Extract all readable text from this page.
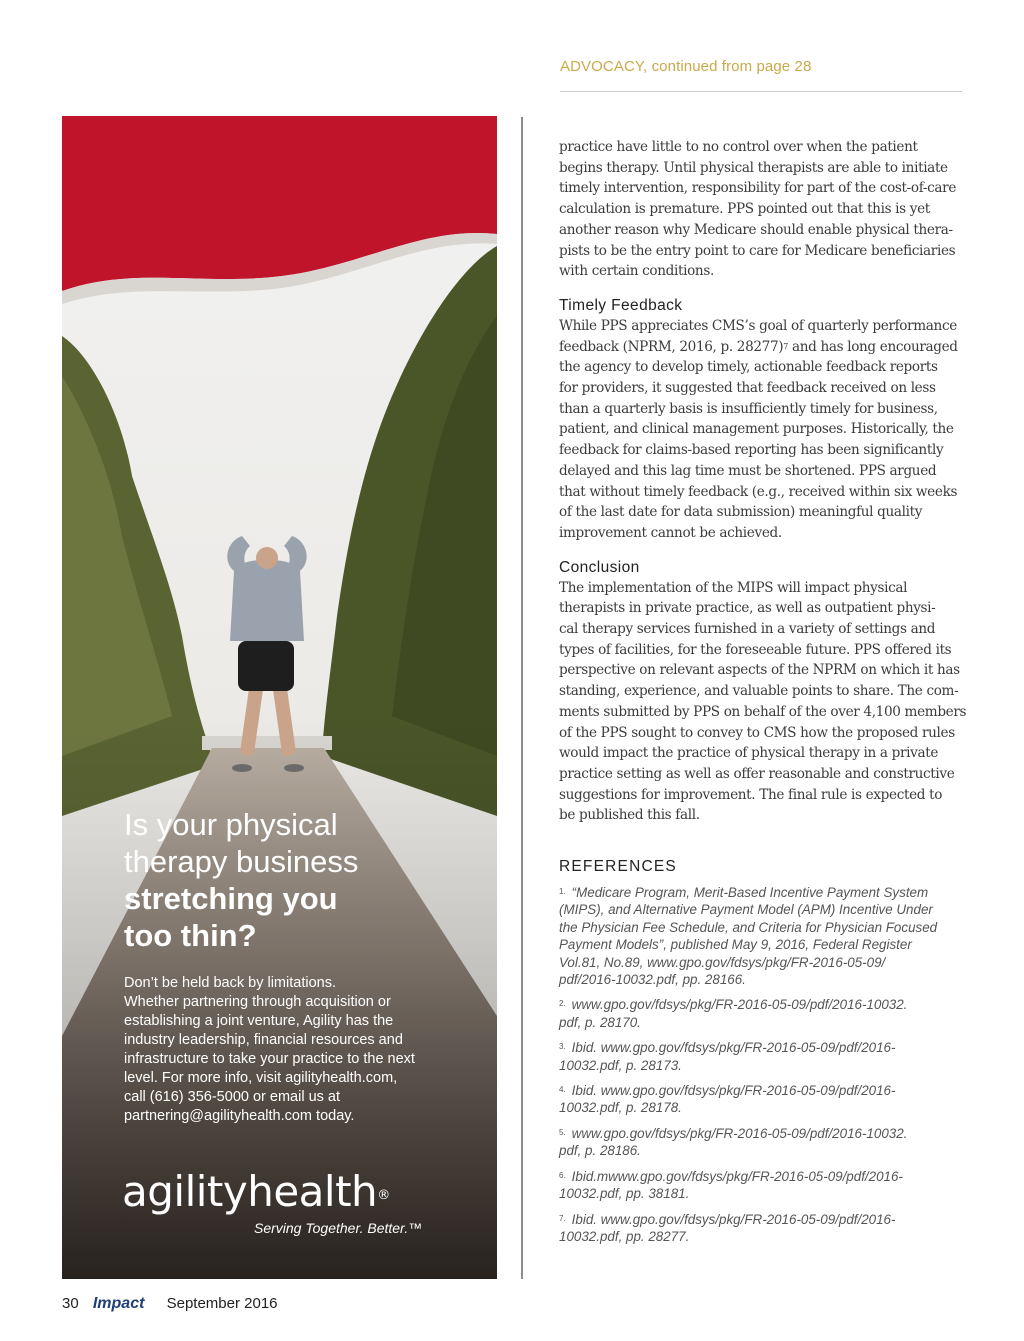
ADVOCACY, continued from page 28
Is your physical
therapy business
stretching you
too thin?
Don’t be held back by limitations.
Whether partnering through acquisition or
establishing a joint venture, Agility has the
industry leadership, financial resources and
infrastructure to take your practice to the next
level. For more info, visit agilityhealth.com,
call (616) 356-5000 or email us at
partnering@agilityhealth.com today.
agilityhealth®
Serving Together. Better.™

practice have little to no control over when the patient
begins therapy. Until physical therapists are able to initiate
timely intervention, responsibility for part of the cost-of-care
calculation is premature. PPS pointed out that this is yet
another reason why Medicare should enable physical thera-
pists to be the entry point to care for Medicare beneficiaries
with certain conditions.

Timely Feedback

While PPS appreciates CMS’s goal of quarterly performance
feedback (NPRM, 2016, p. 28277)$^7$ and has long encouraged
the agency to develop timely, actionable feedback reports
for providers, it suggested that feedback received on less
than a quarterly basis is insufficiently timely for business,
patient, and clinical management purposes. Historically, the
feedback for claims-based reporting has been significantly
delayed and this lag time must be shortened. PPS argued
that without timely feedback (e.g., received within six weeks
of the last date for data submission) meaningful quality
improvement cannot be achieved.

Conclusion

The implementation of the MIPS will impact physical
therapists in private practice, as well as outpatient physi-
cal therapy services furnished in a variety of settings and
types of facilities, for the foreseeable future. PPS offered its
perspective on relevant aspects of the NPRM on which it has
standing, experience, and valuable points to share. The com-
ments submitted by PPS on behalf of the over 4,100 members
of the PPS sought to convey to CMS how the proposed rules
would impact the practice of physical therapy in a private
practice setting as well as offer reasonable and constructive
suggestions for improvement. The final rule is expected to
be published this fall.

REFERENCES
$^{1.}$ “Medicare Program, Merit-Based Incentive Payment System
(MIPS), and Alternative Payment Model (APM) Incentive Under
the Physician Fee Schedule, and Criteria for Physician Focused
Payment Models”, published May 9, 2016, Federal Register
Vol.81, No.89, www.gpo.gov/fdsys/pkg/FR-2016-05-09/
pdf/2016-10032.pdf, pp. 28166.
$^{2.}$ www.gpo.gov/fdsys/pkg/FR-2016-05-09/pdf/2016-10032.
pdf, p. 28170.
$^{3.}$ Ibid. www.gpo.gov/fdsys/pkg/FR-2016-05-09/pdf/2016-
10032.pdf, p. 28173.
$^{4.}$ Ibid. www.gpo.gov/fdsys/pkg/FR-2016-05-09/pdf/2016-
10032.pdf, p. 28178.
$^{5.}$ www.gpo.gov/fdsys/pkg/FR-2016-05-09/pdf/2016-10032.
pdf, p. 28186.
$^{6.}$ Ibid.mwww.gpo.gov/fdsys/pkg/FR-2016-05-09/pdf/2016-
10032.pdf, pp. 38181.
$^{7.}$ Ibid. www.gpo.gov/fdsys/pkg/FR-2016-05-09/pdf/2016-
10032.pdf, pp. 28277.
30 Impact September 2016
